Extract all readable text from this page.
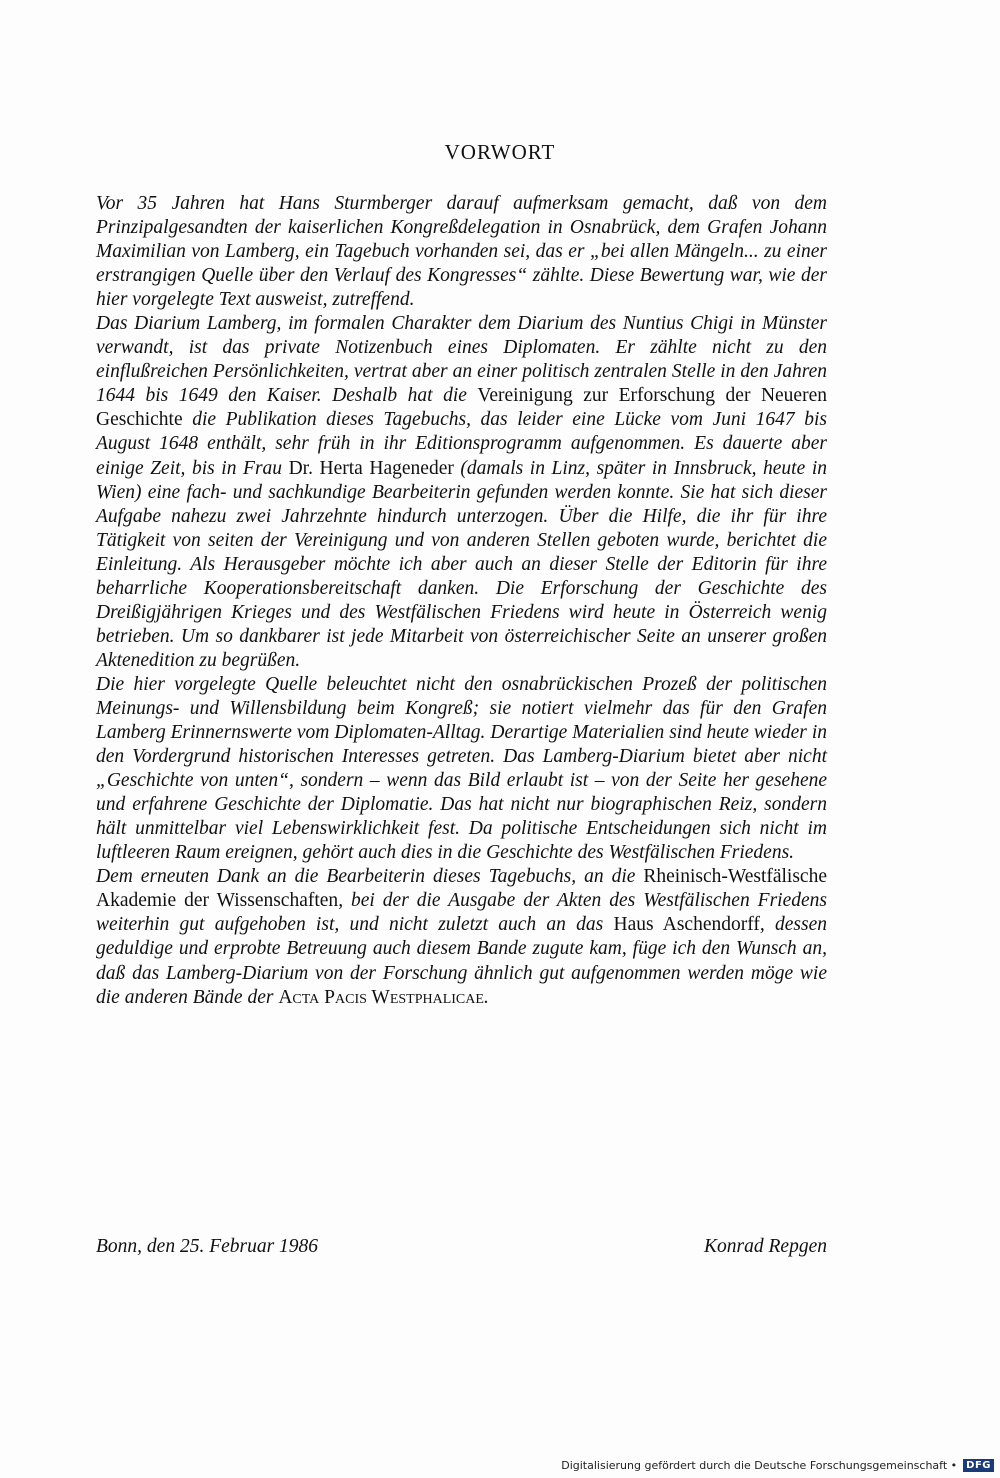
VORWORT

Vor 35 Jahren hat Hans Sturmberger darauf aufmerksam gemacht, daß von dem Prinzipalgesandten der kaiserlichen Kongreßdelegation in Osnabrück, dem Grafen Johann Maximilian von Lamberg, ein Tagebuch vorhanden sei, das er „bei allen Mängeln... zu einer erstrangigen Quelle über den Verlauf des Kongresses“ zählte. Diese Bewertung war, wie der hier vorgelegte Text ausweist, zutreffend.

Das Diarium Lamberg, im formalen Charakter dem Diarium des Nuntius Chigi in Münster verwandt, ist das private Notizenbuch eines Diplomaten. Er zählte nicht zu den einflußreichen Persönlichkeiten, vertrat aber an einer politisch zentralen Stelle in den Jahren 1644 bis 1649 den Kaiser. Deshalb hat die Vereinigung zur Erforschung der Neueren Geschichte die Publikation dieses Tagebuchs, das leider eine Lücke vom Juni 1647 bis August 1648 enthält, sehr früh in ihr Editionsprogramm aufgenommen. Es dauerte aber einige Zeit, bis in Frau Dr. Herta Hageneder (damals in Linz, später in Innsbruck, heute in Wien) eine fach- und sachkundige Bearbeiterin gefunden werden konnte. Sie hat sich dieser Aufgabe nahezu zwei Jahrzehnte hindurch unterzogen. Über die Hilfe, die ihr für ihre Tätigkeit von seiten der Vereinigung und von anderen Stellen geboten wurde, berichtet die Einleitung. Als Herausgeber möchte ich aber auch an dieser Stelle der Editorin für ihre beharrliche Kooperationsbereitschaft danken. Die Erforschung der Geschichte des Dreißigjährigen Krieges und des Westfälischen Friedens wird heute in Österreich wenig betrieben. Um so dankbarer ist jede Mitarbeit von österreichischer Seite an unserer großen Aktenedition zu begrüßen.

Die hier vorgelegte Quelle beleuchtet nicht den osnabrückischen Prozeß der politischen Meinungs- und Willensbildung beim Kongreß; sie notiert vielmehr das für den Grafen Lamberg Erinnernswerte vom Diplomaten-Alltag. Derartige Materialien sind heute wieder in den Vordergrund historischen Interesses getreten. Das Lamberg-Diarium bietet aber nicht „Geschichte von unten“, sondern – wenn das Bild erlaubt ist – von der Seite her gesehene und erfahrene Geschichte der Diplomatie. Das hat nicht nur biographischen Reiz, sondern hält unmittelbar viel Lebenswirklichkeit fest. Da politische Entscheidungen sich nicht im luftleeren Raum ereignen, gehört auch dies in die Geschichte des Westfälischen Friedens.

Dem erneuten Dank an die Bearbeiterin dieses Tagebuchs, an die Rheinisch-Westfälische Akademie der Wissenschaften, bei der die Ausgabe der Akten des Westfälischen Friedens weiterhin gut aufgehoben ist, und nicht zuletzt auch an das Haus Aschendorff, dessen geduldige und erprobte Betreuung auch diesem Bande zugute kam, füge ich den Wunsch an, daß das Lamberg-Diarium von der Forschung ähnlich gut aufgenommen werden möge wie die anderen Bände der Acta Pacis Westphalicae.

Bonn, den 25. Februar 1986	Konrad Repgen
Digitalisierung gefördert durch die Deutsche Forschungsgemeinschaft • DFG
